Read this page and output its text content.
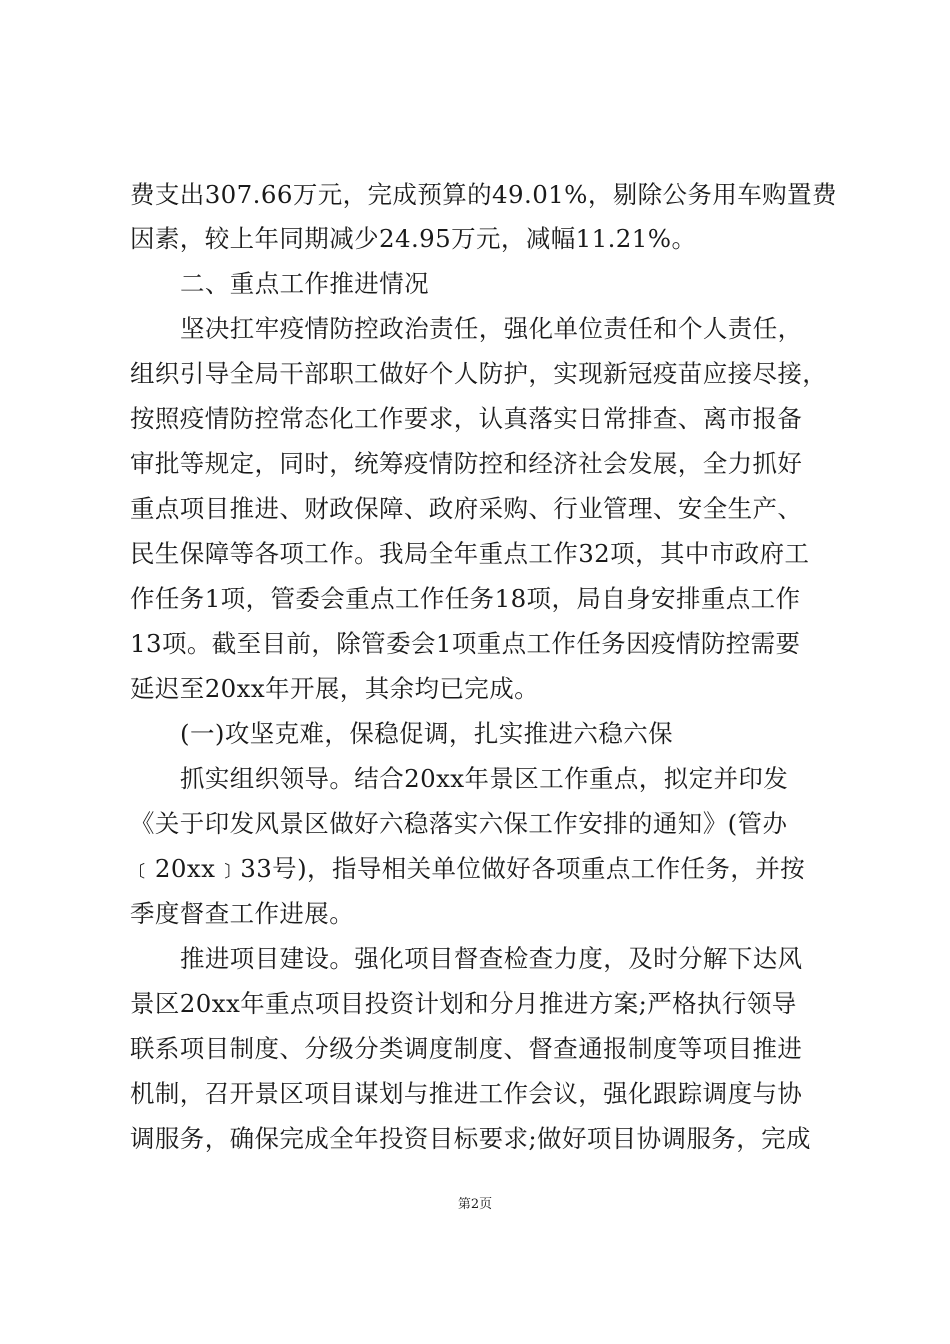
费支出307.66万元，完成预算的49.01%，剔除公务用车购置费
因素，较上年同期减少24.95万元，减幅11.21%。
二、重点工作推进情况
坚决扛牢疫情防控政治责任，强化单位责任和个人责任，
组织引导全局干部职工做好个人防护，实现新冠疫苗应接尽接，
按照疫情防控常态化工作要求，认真落实日常排查、离市报备
审批等规定，同时，统筹疫情防控和经济社会发展，全力抓好
重点项目推进、财政保障、政府采购、行业管理、安全生产、
民生保障等各项工作。我局全年重点工作32项，其中市政府工
作任务1项，管委会重点工作任务18项，局自身安排重点工作
13项。截至目前，除管委会1项重点工作任务因疫情防控需要
延迟至20xx年开展，其余均已完成。
(一)攻坚克难，保稳促调，扎实推进六稳六保
抓实组织领导。结合20xx年景区工作重点，拟定并印发
《关于印发风景区做好六稳落实六保工作安排的通知》(管办
﹝20xx﹞33号)，指导相关单位做好各项重点工作任务，并按
季度督查工作进展。
推进项目建设。强化项目督查检查力度，及时分解下达风
景区20xx年重点项目投资计划和分月推进方案;严格执行领导
联系项目制度、分级分类调度制度、督查通报制度等项目推进
机制，召开景区项目谋划与推进工作会议，强化跟踪调度与协
调服务，确保完成全年投资目标要求;做好项目协调服务，完成
第2页
